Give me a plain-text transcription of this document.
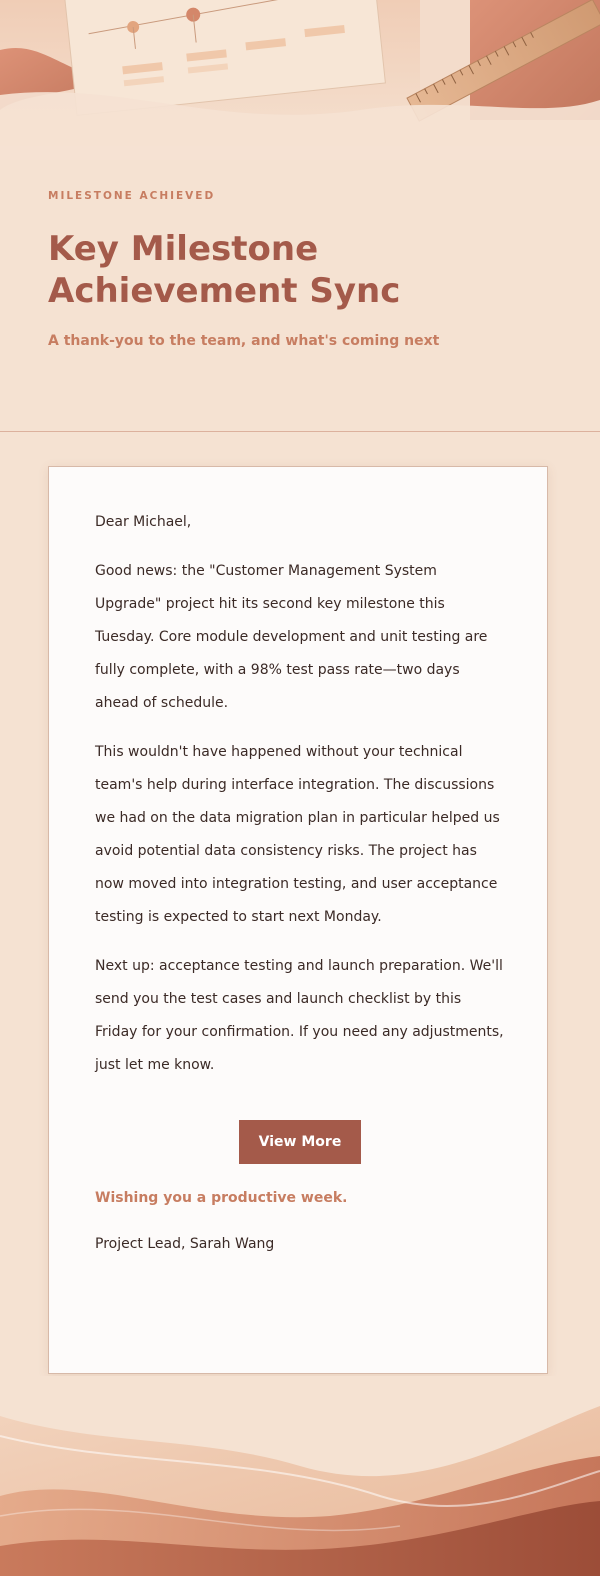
MILESTONE ACHIEVED
Key Milestone Achievement Sync
A thank-you to the team, and what's coming next

Dear Michael,

Good news: the "Customer Management System Upgrade" project hit its second key milestone this Tuesday. Core module development and unit testing are fully complete, with a 98% test pass rate—two days ahead of schedule.

This wouldn't have happened without your technical team's help during interface integration. The discussions we had on the data migration plan in particular helped us avoid potential data consistency risks. The project has now moved into integration testing, and user acceptance testing is expected to start next Monday.

Next up: acceptance testing and launch preparation. We'll send you the test cases and launch checklist by this Friday for your confirmation. If you need any adjustments, just let me know.

View More
Wishing you a productive week.
Project Lead, Sarah Wang
